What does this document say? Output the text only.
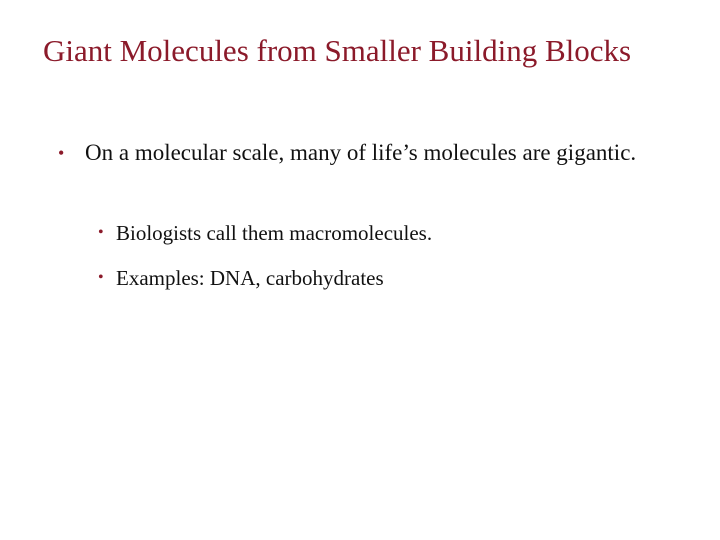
Giant Molecules from Smaller Building Blocks
• On a molecular scale, many of life’s molecules are gigantic.
• Biologists call them macromolecules.
• Examples: DNA, carbohydrates
